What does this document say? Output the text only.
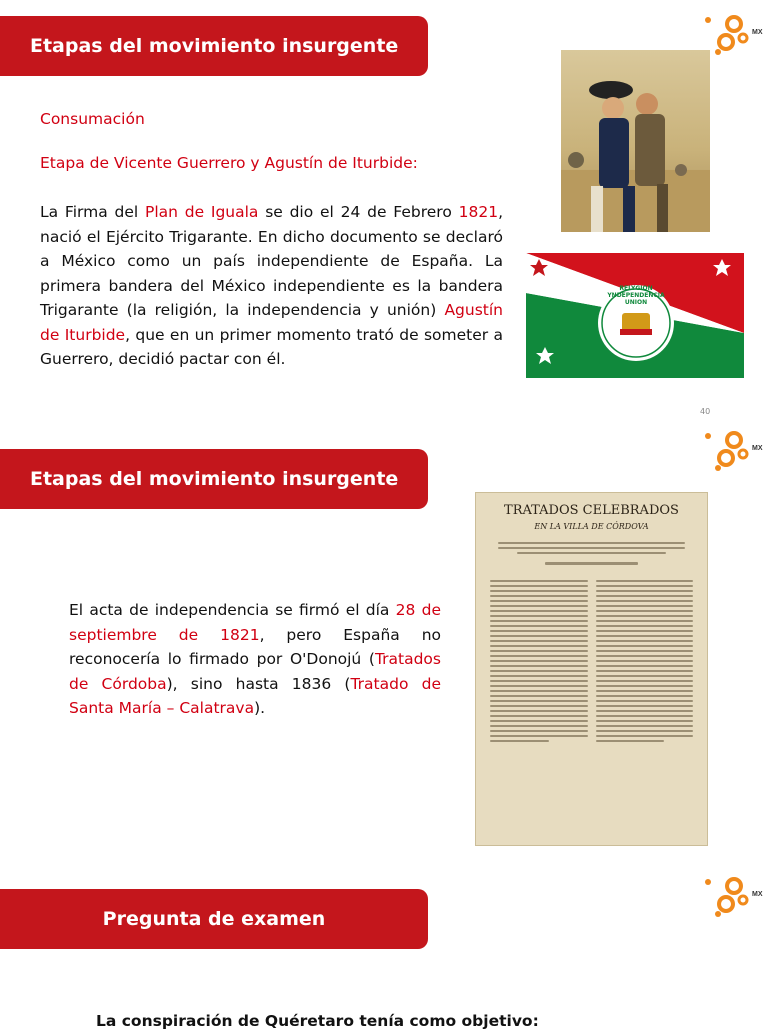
Etapas del movimiento insurgente
MX
Consumación
Etapa de Vicente Guerrero y Agustín de Iturbide:
La Firma del Plan de Iguala se dio el 24 de Febrero 1821, nació el Ejército Trigarante. En dicho documento se declaró a México como un país independiente de España. La primera bandera del México independiente es la bandera Trigarante (la religión, la independencia y unión) Agustín de Iturbide, que en un primer momento trató de someter a Guerrero, decidió pactar con él.
RELYGION YNDEPENDENCIA UNION
40
Etapas del movimiento insurgente
MX
El acta de independencia se firmó el día 28 de septiembre de 1821, pero España no reconocería lo firmado por O'Donojú (Tratados de Córdoba), sino hasta 1836 (Tratado de Santa María – Calatrava).
TRATADOS CELEBRADOS
EN LA VILLA DE CÓRDOVA
Pregunta de examen
MX
La conspiración de Quéretaro tenía como objetivo:
